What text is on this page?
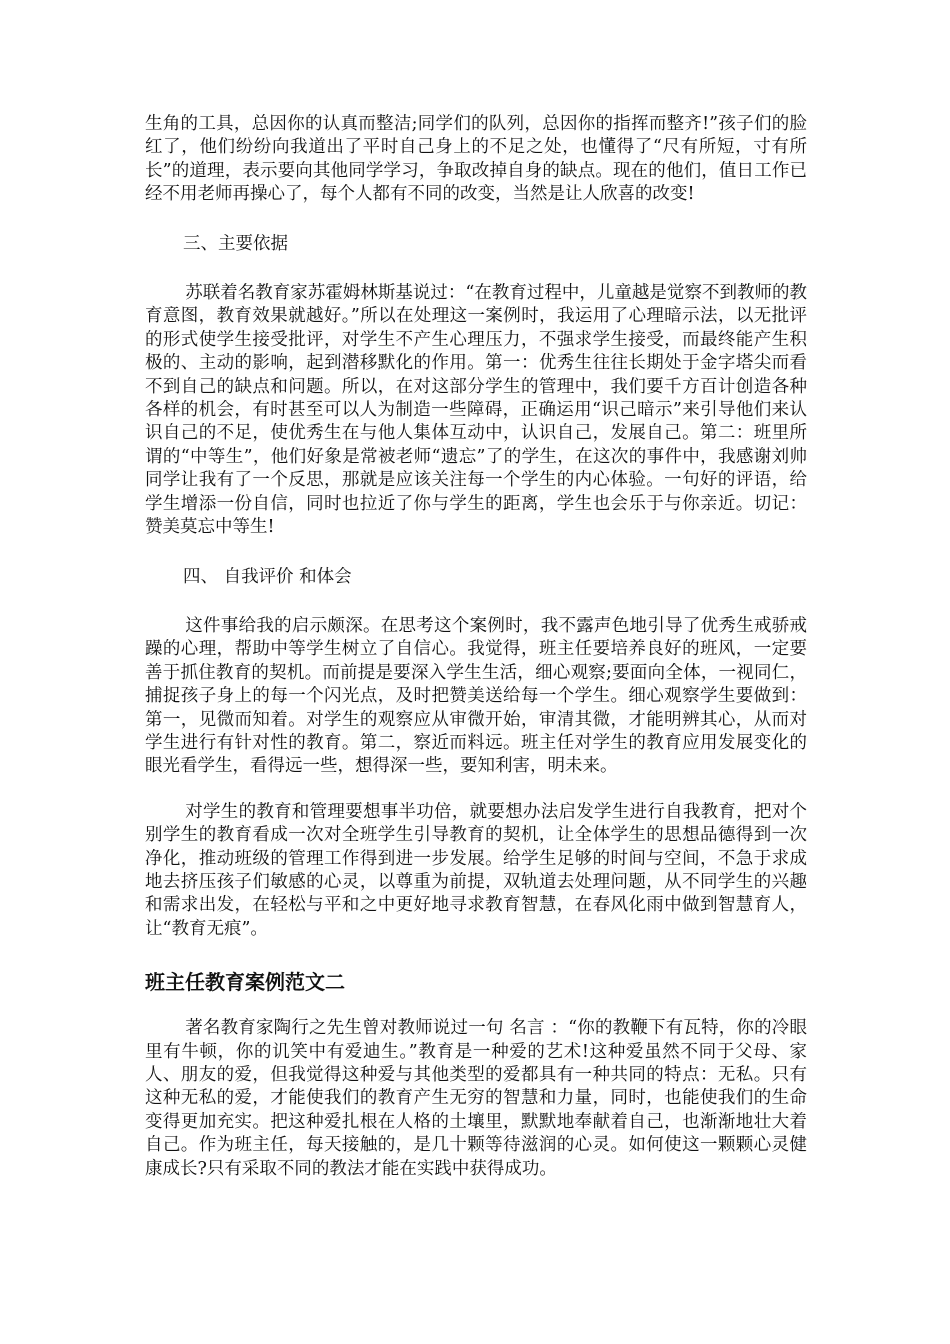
生角的工具，总因你的认真而整洁;同学们的队列，总因你的指挥而整齐!”孩子们的脸红了，他们纷纷向我道出了平时自己身上的不足之处，也懂得了“尺有所短，寸有所长”的道理，表示要向其他同学学习，争取改掉自身的缺点。现在的他们，值日工作已经不用老师再操心了，每个人都有不同的改变，当然是让人欣喜的改变!

三、主要依据

苏联着名教育家苏霍姆林斯基说过：“在教育过程中，儿童越是觉察不到教师的教育意图，教育效果就越好。”所以在处理这一案例时，我运用了心理暗示法，以无批评的形式使学生接受批评，对学生不产生心理压力，不强求学生接受，而最终能产生积极的、主动的影响，起到潜移默化的作用。第一：优秀生往往长期处于金字塔尖而看不到自己的缺点和问题。所以，在对这部分学生的管理中，我们要千方百计创造各种各样的机会，有时甚至可以人为制造一些障碍，正确运用“识己暗示”来引导他们来认识自己的不足，使优秀生在与他人集体互动中，认识自己，发展自己。第二：班里所谓的“中等生”，他们好象是常被老师“遗忘”了的学生，在这次的事件中，我感谢刘帅同学让我有了一个反思，那就是应该关注每一个学生的内心体验。一句好的评语，给学生增添一份自信，同时也拉近了你与学生的距离，学生也会乐于与你亲近。切记：赞美莫忘中等生!

四、 自我评价 和体会

这件事给我的启示颇深。在思考这个案例时，我不露声色地引导了优秀生戒骄戒躁的心理，帮助中等学生树立了自信心。我觉得，班主任要培养良好的班风，一定要善于抓住教育的契机。而前提是要深入学生生活，细心观察;要面向全体，一视同仁，捕捉孩子身上的每一个闪光点，及时把赞美送给每一个学生。细心观察学生要做到：第一，见微而知着。对学生的观察应从审微开始，审清其微，才能明辨其心，从而对学生进行有针对性的教育。第二，察近而料远。班主任对学生的教育应用发展变化的眼光看学生，看得远一些，想得深一些，要知利害，明未来。

对学生的教育和管理要想事半功倍，就要想办法启发学生进行自我教育，把对个别学生的教育看成一次对全班学生引导教育的契机，让全体学生的思想品德得到一次净化，推动班级的管理工作得到进一步发展。给学生足够的时间与空间，不急于求成地去挤压孩子们敏感的心灵，以尊重为前提，双轨道去处理问题，从不同学生的兴趣和需求出发，在轻松与平和之中更好地寻求教育智慧，在春风化雨中做到智慧育人，让“教育无痕”。

班主任教育案例范文二

著名教育家陶行之先生曾对教师说过一句 名言 ：“你的教鞭下有瓦特，你的冷眼里有牛顿，你的讥笑中有爱迪生。”教育是一种爱的艺术!这种爱虽然不同于父母、家人、朋友的爱，但我觉得这种爱与其他类型的爱都具有一种共同的特点：无私。只有这种无私的爱，才能使我们的教育产生无穷的智慧和力量，同时，也能使我们的生命变得更加充实。把这种爱扎根在人格的土壤里，默默地奉献着自己，也渐渐地壮大着自己。作为班主任，每天接触的，是几十颗等待滋润的心灵。如何使这一颗颗心灵健康成长?只有采取不同的教法才能在实践中获得成功。
